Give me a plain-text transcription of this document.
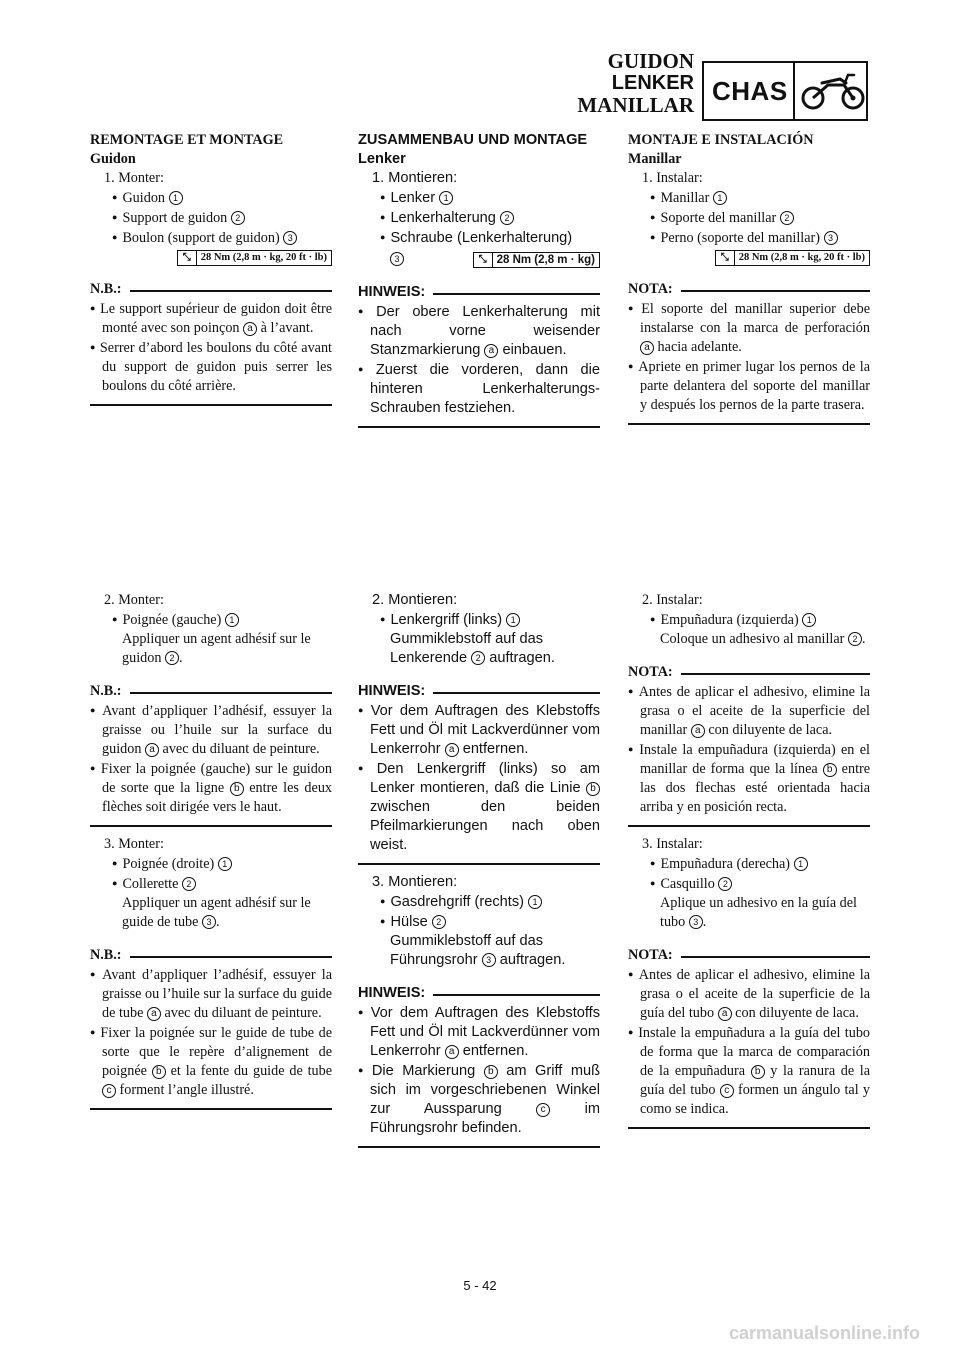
GUIDON
LENKER
MANILLAR CHAS
REMONTAGE ET MONTAGE
Guidon
1. Monter:
● Guidon 1
● Support de guidon 2
● Boulon (support de guidon) 3
⤡ 28 Nm (2,8 m · kg, 20 ft · lb)
N.B.:
● Le support supérieur de guidon doit être monté avec son poinçon a à l’avant.
● Serrer d’abord les boulons du côté avant du support de guidon puis serrer les boulons du côté arrière.
ZUSAMMENBAU UND MONTAGE
Lenker
1. Montieren:
● Lenker 1
● Lenkerhalterung 2
● Schraube (Lenkerhalterung)
3	⤡ 28 Nm (2,8 m · kg)
HINWEIS:
● Der obere Lenkerhalterung mit nach vorne weisender Stanzmarkierung a einbauen.
● Zuerst die vorderen, dann die hinteren Lenkerhalterungs-Schrauben festziehen.
MONTAJE E INSTALACIÓN
Manillar
1. Instalar:
● Manillar 1
● Soporte del manillar 2
● Perno (soporte del manillar) 3
⤡ 28 Nm (2,8 m · kg, 20 ft · lb)
NOTA:
● El soporte del manillar superior debe instalarse con la marca de perforación a hacia adelante.
● Apriete en primer lugar los pernos de la parte delantera del soporte del manillar y después los pernos de la parte trasera.
2. Monter:
● Poignée (gauche) 1
Appliquer un agent adhésif sur le guidon 2 .
N.B.:
● Avant d’appliquer l’adhésif, essuyer la graisse ou l’huile sur la surface du guidon a avec du diluant de peinture.
● Fixer la poignée (gauche) sur le guidon de sorte que la ligne b entre les deux flèches soit dirigée vers le haut.
3. Monter:
● Poignée (droite) 1
● Collerette 2
Appliquer un agent adhésif sur le guide de tube 3 .
N.B.:
● Avant d’appliquer l’adhésif, essuyer la graisse ou l’huile sur la surface du guide de tube a avec du diluant de peinture.
● Fixer la poignée sur le guide de tube de sorte que le repère d’alignement de poignée b et la fente du guide de tube c forment l’angle illustré.
2. Montieren:
● Lenkergriff (links) 1
Gummiklebstoff auf das Lenkerende 2 auftragen.
HINWEIS:
● Vor dem Auftragen des Klebstoffs Fett und Öl mit Lackverdünner vom Lenkerrohr a entfernen.
● Den Lenkergriff (links) so am Lenker montieren, daß die Linie b zwischen den beiden Pfeilmarkierungen nach oben weist.
3. Montieren:
● Gasdrehgriff (rechts) 1
● Hülse 2
Gummiklebstoff auf das Führungsrohr 3 auftragen.
HINWEIS:
● Vor dem Auftragen des Klebstoffs Fett und Öl mit Lackverdünner vom Lenkerrohr a entfernen.
● Die Markierung b am Griff muß sich im vorgeschriebenen Winkel zur Aussparung	c	im Führungsrohr befinden.
2. Instalar:
● Empuñadura (izquierda) 1
Coloque un adhesivo al manillar 2 .
NOTA:
● Antes de aplicar el adhesivo, elimine la grasa o el aceite de la superficie del manillar a con diluyente de laca.
● Instale la empuñadura (izquierda) en el manillar de forma que la línea b entre las dos flechas esté orientada hacia arriba y en posición recta.
3. Instalar:
● Empuñadura (derecha) 1
● Casquillo 2
Aplique un adhesivo en la guía del tubo 3 .
NOTA:
● Antes de aplicar el adhesivo, elimine la grasa o el aceite de la superficie de la guía del tubo a con diluyente de laca.
● Instale la empuñadura a la guía del tubo de forma que la marca de comparación de la empuñadura b y la ranura de la guía del tubo c formen un ángulo tal y como se indica.
5 - 42
carmanualsonline.info
